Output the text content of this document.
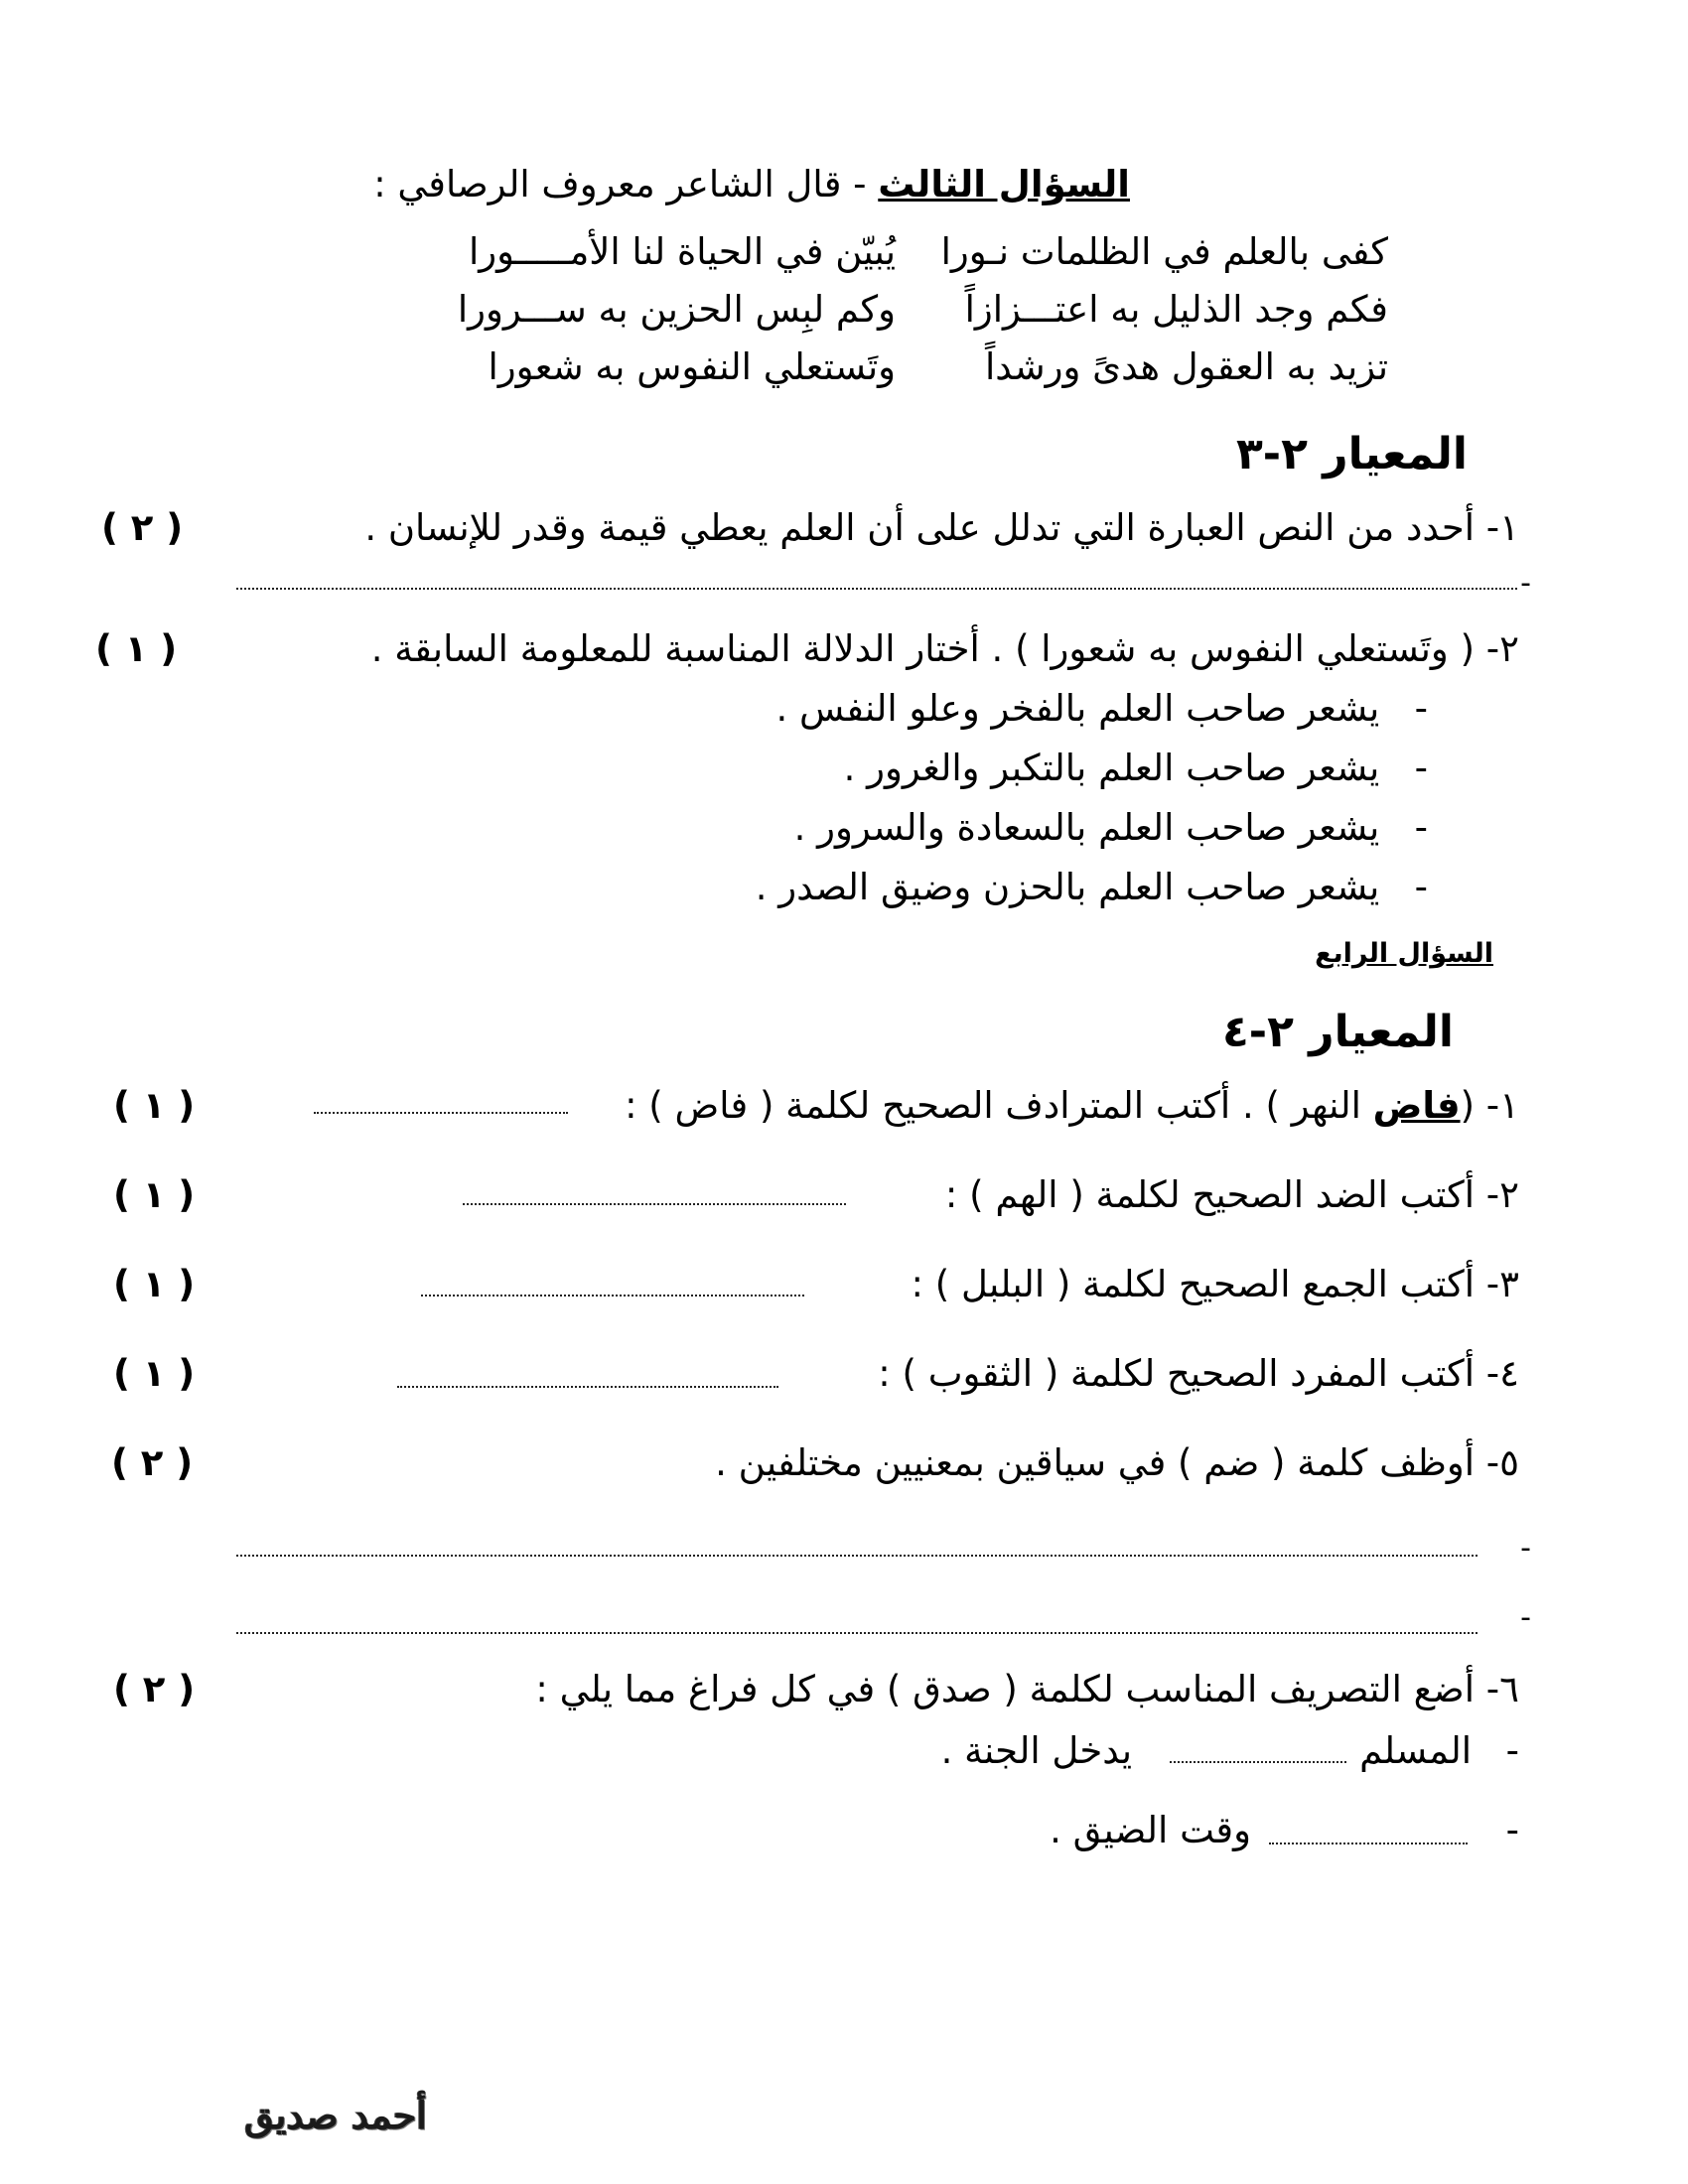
السؤال الثالث - قال الشاعر معروف الرصافي :
كفى بالعلم في الظلمات نـورا
يُبيّن في الحياة لنا الأمـــــورا
فكم وجد الذليل به اعتـــزازاً
وكم لبِس الحزين به ســـرورا
تزيد به العقول هدىً ورشداً
وتَستعلي النفوس به شعورا
المعيار ٢-٣
١- أحدد من النص العبارة التي تدلل على أن العلم يعطي قيمة وقدر للإنسان .
( ٢ )
-
٢- ( وتَستعلي النفوس به شعورا ) . أختار الدلالة المناسبة للمعلومة السابقة .
( ١ )
-   يشعر صاحب العلم بالفخر وعلو النفس .
-   يشعر صاحب العلم بالتكبر والغرور .
-   يشعر صاحب العلم بالسعادة والسرور .
-   يشعر صاحب العلم بالحزن وضيق الصدر .
السؤال الرابع
المعيار ٢-٤
١- (فاض النهر ) . أكتب المترادف الصحيح لكلمة ( فاض ) :
( ١ )
٢- أكتب الضد الصحيح لكلمة ( الهم ) :
( ١ )
٣- أكتب الجمع الصحيح لكلمة ( البلبل ) :
( ١ )
٤- أكتب المفرد الصحيح لكلمة ( الثقوب ) :
( ١ )
٥- أوظف كلمة ( ضم ) في سياقين بمعنيين مختلفين .
( ٢ )
-
-
٦- أضع التصريف المناسب لكلمة ( صدق ) في كل فراغ مما يلي :
( ٢ )
-
المسلم
يدخل الجنة .
-
وقت الضيق .
أحمد صديق
